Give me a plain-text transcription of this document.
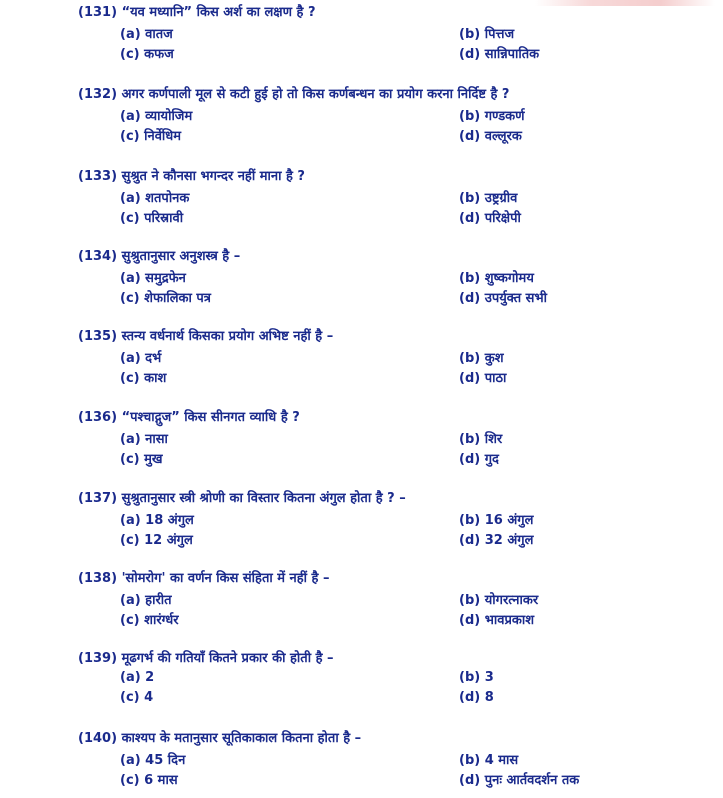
(131) “यव मध्यानि” किस अर्श का लक्षण है ?
(a) वातज	(b) पित्तज
(c) कफज	(d) सान्निपातिक
(132) अगर कर्णपाली मूल से कटी हुई हो तो किस कर्णबन्धन का प्रयोग करना निर्दिष्ट है ?
(a) व्यायोजिम	(b) गण्डकर्ण
(c) निर्वेधिम	(d) वल्लूरक
(133) सुश्रुत ने कौनसा भगन्दर नहीं माना है ?
(a) शतपोनक	(b) उष्ट्रग्रीव
(c) परिस्रावी	(d) परिक्षेपी
(134) सुश्रुतानुसार अनुशस्त्र है –
(a) समुद्रफेन	(b) शुष्कगोमय
(c) शेफालिका पत्र	(d) उपर्युक्त सभी
(135) स्तन्य वर्धनार्थ किसका प्रयोग अभिष्ट नहीं है –
(a) दर्भ	(b) कुश
(c) काश	(d) पाठा
(136) “पश्चाद्गुज” किस सीनगत व्याधि है ?
(a) नासा	(b) शिर
(c) मुख	(d) गुद
(137) सुश्रुतानुसार स्त्री श्रोणी का विस्तार कितना अंगुल होता है ? –
(a) 18 अंगुल	(b) 16 अंगुल
(c) 12 अंगुल	(d) 32 अंगुल
(138) 'सोमरोग' का वर्णन किस संहिता में नहीं है –
(a) हारीत	(b) योगरत्नाकर
(c) शारंर्ग्धर	(d) भावप्रकाश
(139) मूढगर्भ की गतियॉं कितने प्रकार की होती है –
(a) 2	(b) 3
(c) 4	(d) 8
(140) काश्यप के मतानुसार सूतिकाकाल कितना होता है –
(a) 45 दिन	(b) 4 मास
(c) 6 मास	(d) पुनः आर्तवदर्शन तक
